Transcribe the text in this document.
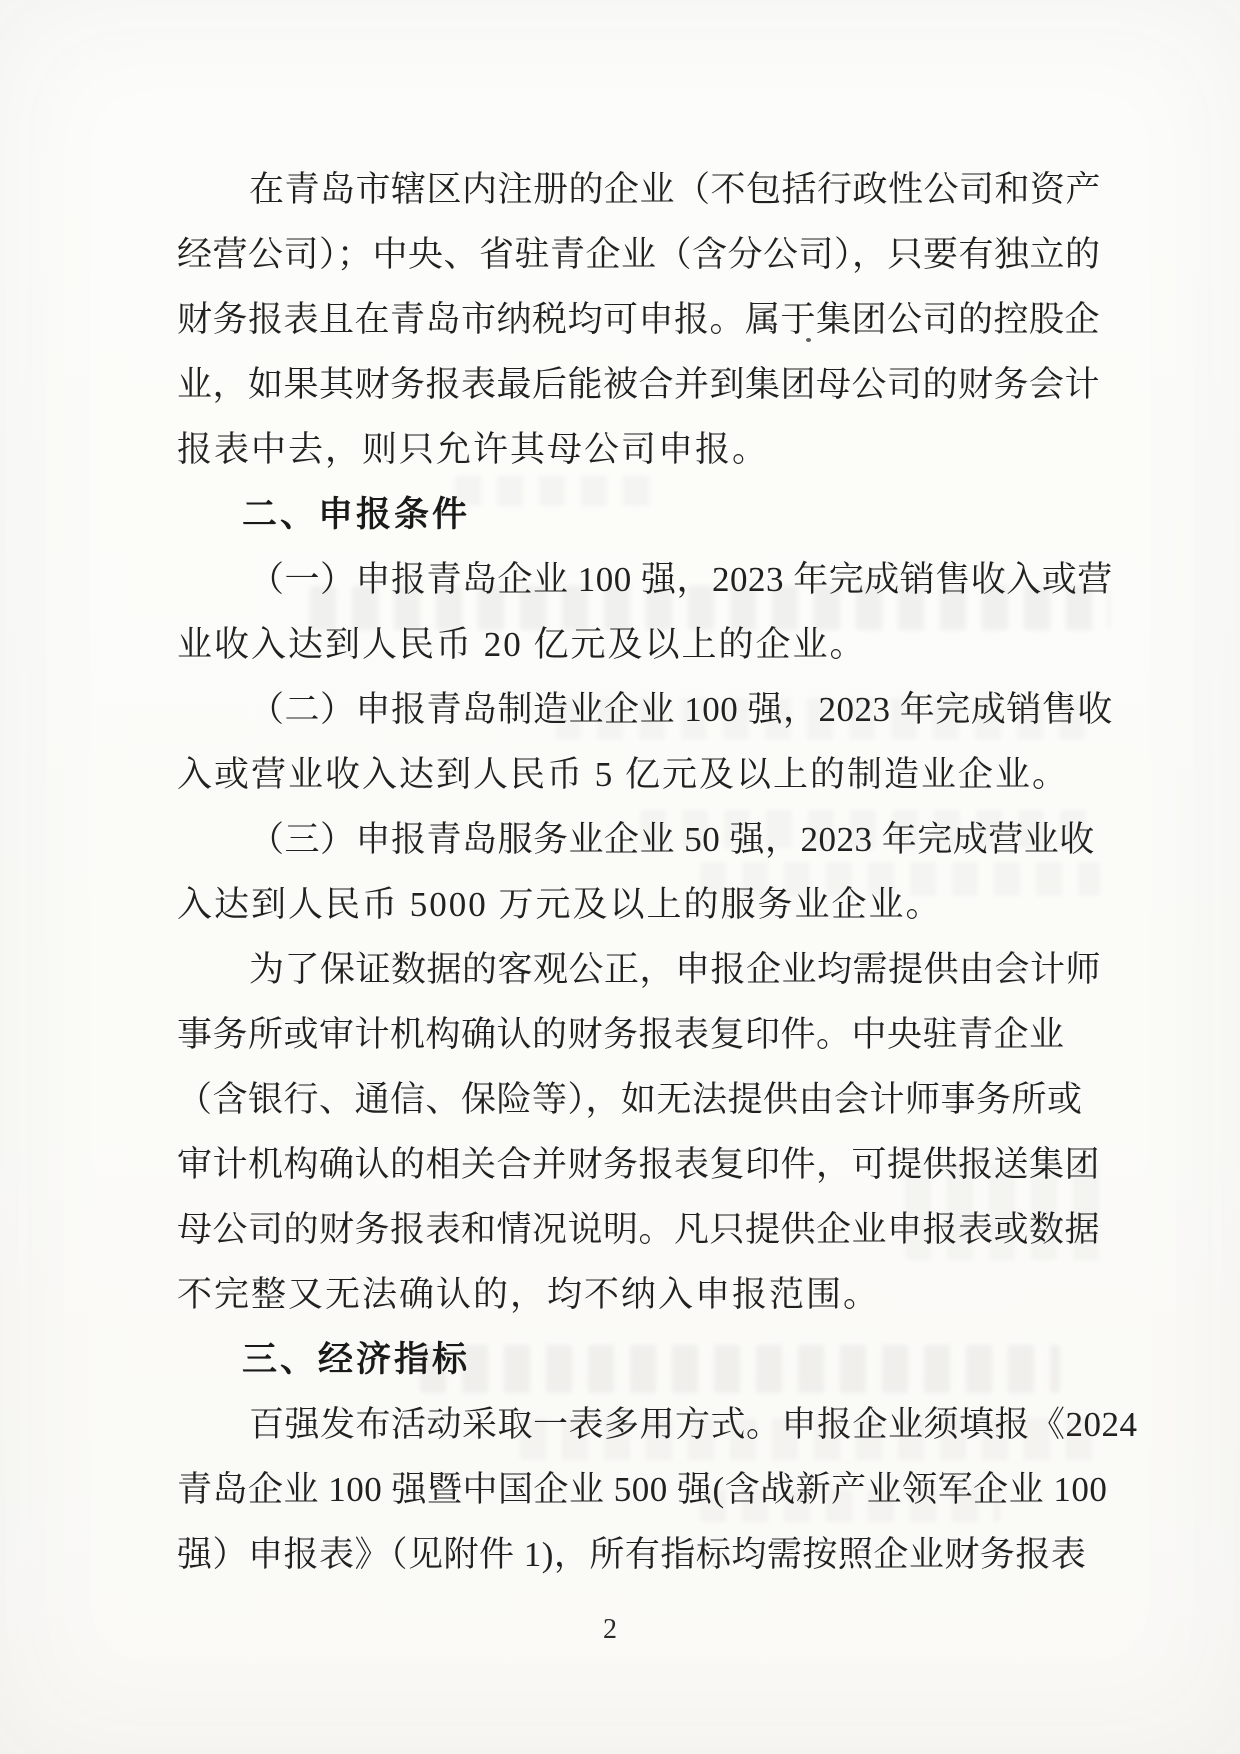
在青岛市辖区内注册的企业（不包括行政性公司和资产
经营公司）；中央、省驻青企业（含分公司），只要有独立的
财务报表且在青岛市纳税均可申报。属于集团公司的控股企
业，如果其财务报表最后能被合并到集团母公司的财务会计
报表中去，则只允许其母公司申报。
二、申报条件
（一）申报青岛企业 100 强，2023 年完成销售收入或营
业收入达到人民币 20 亿元及以上的企业。
（二）申报青岛制造业企业 100 强，2023 年完成销售收
入或营业收入达到人民币 5 亿元及以上的制造业企业。
（三）申报青岛服务业企业 50 强，2023 年完成营业收
入达到人民币 5000 万元及以上的服务业企业。
为了保证数据的客观公正，申报企业均需提供由会计师
事务所或审计机构确认的财务报表复印件。中央驻青企业
（含银行、通信、保险等），如无法提供由会计师事务所或
审计机构确认的相关合并财务报表复印件，可提供报送集团
母公司的财务报表和情况说明。凡只提供企业申报表或数据
不完整又无法确认的，均不纳入申报范围。
三、经济指标
百强发布活动采取一表多用方式。申报企业须填报《2024
青岛企业 100 强暨中国企业 500 强(含战新产业领军企业 100
强）申报表》（见附件 1)，所有指标均需按照企业财务报表
2
